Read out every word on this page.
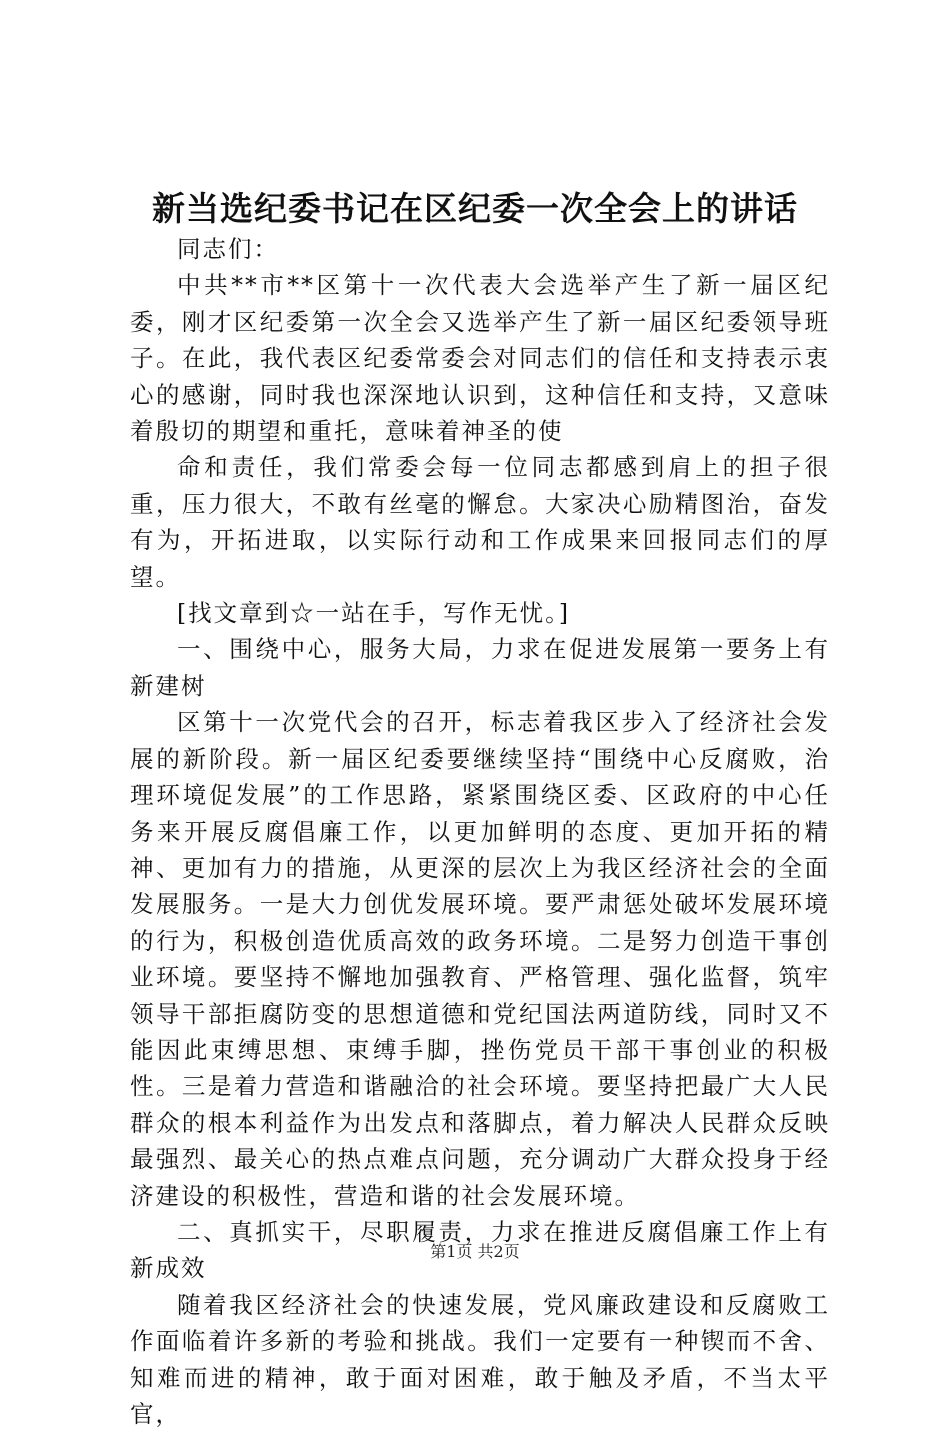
新当选纪委书记在区纪委一次全会上的讲话

同志们：

中共**市**区第十一次代表大会选举产生了新一届区纪委，刚才区纪委第一次全会又选举产生了新一届区纪委领导班子。在此，我代表区纪委常委会对同志们的信任和支持表示衷心的感谢，同时我也深深地认识到，这种信任和支持，又意味着殷切的期望和重托，意味着神圣的使

命和责任，我们常委会每一位同志都感到肩上的担子很重，压力很大，不敢有丝毫的懈怠。大家决心励精图治，奋发有为，开拓进取，以实际行动和工作成果来回报同志们的厚望。

[找文章到☆一站在手，写作无忧。]

一、围绕中心，服务大局，力求在促进发展第一要务上有新建树

区第十一次党代会的召开，标志着我区步入了经济社会发展的新阶段。新一届区纪委要继续坚持“围绕中心反腐败，治理环境促发展”的工作思路，紧紧围绕区委、区政府的中心任务来开展反腐倡廉工作，以更加鲜明的态度、更加开拓的精神、更加有力的措施，从更深的层次上为我区经济社会的全面发展服务。一是大力创优发展环境。要严肃惩处破坏发展环境的行为，积极创造优质高效的政务环境。二是努力创造干事创业环境。要坚持不懈地加强教育、严格管理、强化监督，筑牢领导干部拒腐防变的思想道德和党纪国法两道防线，同时又不能因此束缚思想、束缚手脚，挫伤党员干部干事创业的积极性。三是着力营造和谐融洽的社会环境。要坚持把最广大人民群众的根本利益作为出发点和落脚点，着力解决人民群众反映最强烈、最关心的热点难点问题，充分调动广大群众投身于经济建设的积极性，营造和谐的社会发展环境。

二、真抓实干，尽职履责，力求在推进反腐倡廉工作上有新成效

随着我区经济社会的快速发展，党风廉政建设和反腐败工作面临着许多新的考验和挑战。我们一定要有一种锲而不舍、知难而进的精神，敢于面对困难，敢于触及矛盾，不当太平官，

第1页 共2页
